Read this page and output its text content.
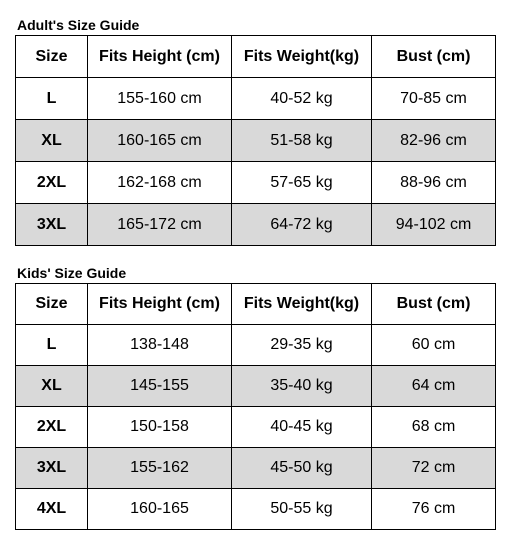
Adult's Size Guide
Size	Fits Height (cm)	Fits Weight(kg)	Bust (cm)
L	155-160 cm	40-52 kg	70-85 cm
XL	160-165 cm	51-58 kg	82-96 cm
2XL	162-168 cm	57-65 kg	88-96 cm
3XL	165-172 cm	64-72 kg	94-102 cm
Kids' Size Guide
Size	Fits Height (cm)	Fits Weight(kg)	Bust (cm)
L	138-148	29-35 kg	60 cm
XL	145-155	35-40 kg	64 cm
2XL	150-158	40-45 kg	68 cm
3XL	155-162	45-50 kg	72 cm
4XL	160-165	50-55 kg	76 cm
